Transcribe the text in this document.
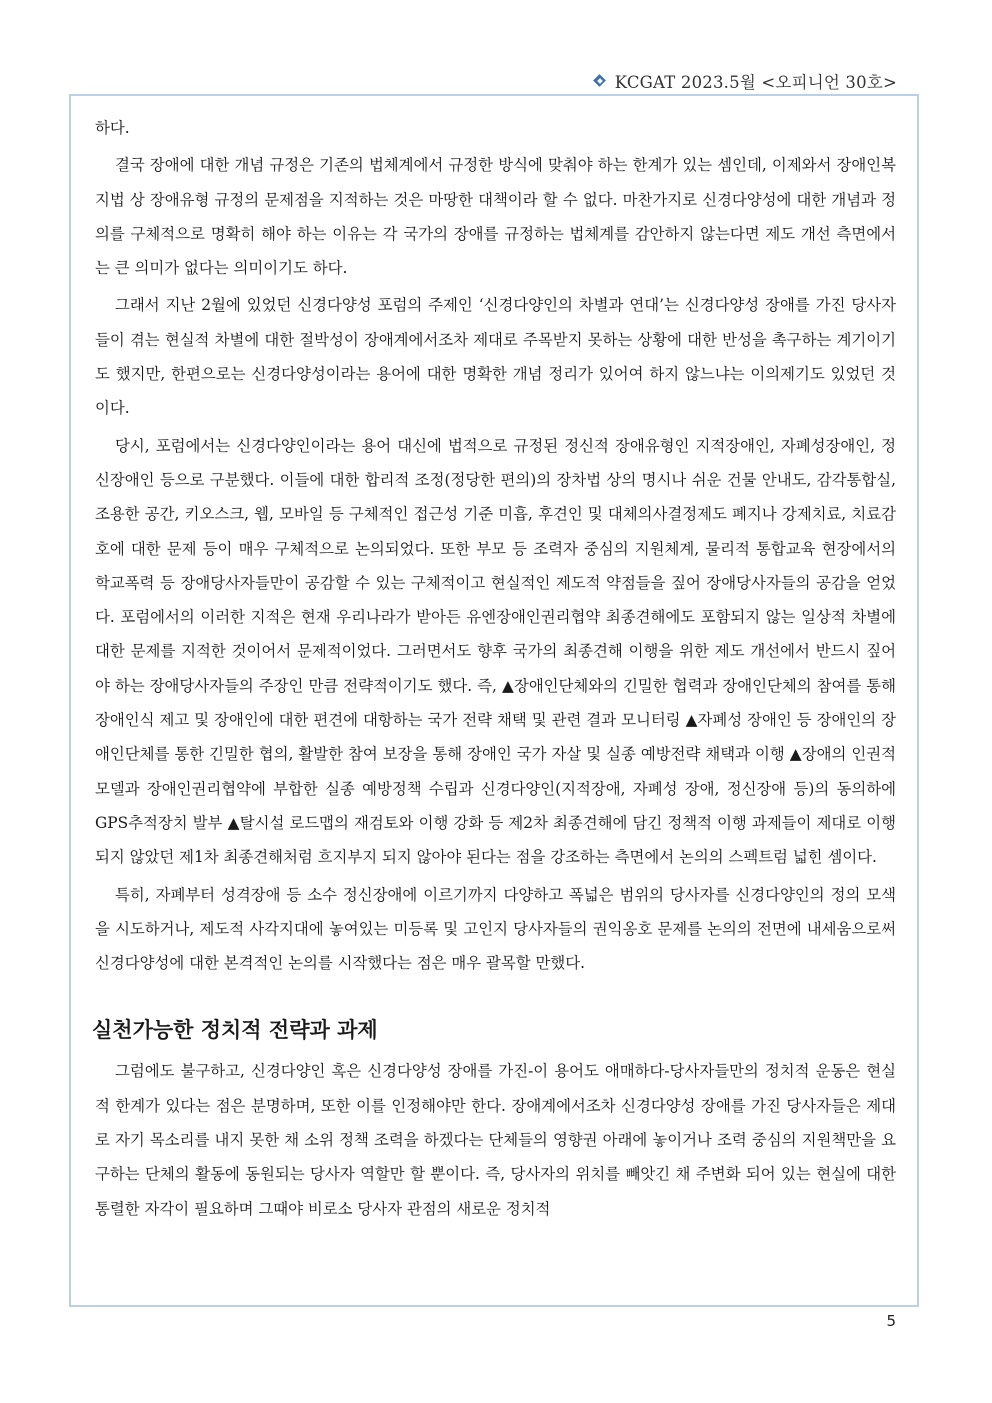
KCGAT 2023.5월 <오피니언 30호>

하다.

결국 장애에 대한 개념 규정은 기존의 법체계에서 규정한 방식에 맞춰야 하는 한계가 있는 셈인데, 이제와서 장애인복지법 상 장애유형 규정의 문제점을 지적하는 것은 마땅한 대책이라 할 수 없다. 마찬가지로 신경다양성에 대한 개념과 정의를 구체적으로 명확히 해야 하는 이유는 각 국가의 장애를 규정하는 법체계를 감안하지 않는다면 제도 개선 측면에서는 큰 의미가 없다는 의미이기도 하다.

그래서 지난 2월에 있었던 신경다양성 포럼의 주제인 ‘신경다양인의 차별과 연대’는 신경다양성 장애를 가진 당사자들이 겪는 현실적 차별에 대한 절박성이 장애계에서조차 제대로 주목받지 못하는 상황에 대한 반성을 촉구하는 계기이기도 했지만, 한편으로는 신경다양성이라는 용어에 대한 명확한 개념 정리가 있어여 하지 않느냐는 이의제기도 있었던 것이다.

당시, 포럼에서는 신경다양인이라는 용어 대신에 법적으로 규정된 정신적 장애유형인 지적장애인, 자폐성장애인, 정신장애인 등으로 구분했다. 이들에 대한 합리적 조정(정당한 편의)의 장차법 상의 명시나 쉬운 건물 안내도, 감각통합실, 조용한 공간, 키오스크, 웹, 모바일 등 구체적인 접근성 기준 미흡, 후견인 및 대체의사결정제도 폐지나 강제치료, 치료감호에 대한 문제 등이 매우 구체적으로 논의되었다. 또한 부모 등 조력자 중심의 지원체계, 물리적 통합교육 현장에서의 학교폭력 등 장애당사자들만이 공감할 수 있는 구체적이고 현실적인 제도적 약점들을 짚어 장애당사자들의 공감을 얻었다. 포럼에서의 이러한 지적은 현재 우리나라가 받아든 유엔장애인권리협약 최종견해에도 포함되지 않는 일상적 차별에 대한 문제를 지적한 것이어서 문제적이었다. 그러면서도 향후 국가의 최종견해 이행을 위한 제도 개선에서 반드시 짚어야 하는 장애당사자들의 주장인 만큼 전략적이기도 했다. 즉, ▲장애인단체와의 긴밀한 협력과 장애인단체의 참여를 통해 장애인식 제고 및 장애인에 대한 편견에 대항하는 국가 전략 채택 및 관련 결과 모니터링 ▲자폐성 장애인 등 장애인의 장애인단체를 통한 긴밀한 협의, 활발한 참여 보장을 통해 장애인 국가 자살 및 실종 예방전략 채택과 이행 ▲장애의 인권적 모델과 장애인권리협약에 부합한 실종 예방정책 수립과 신경다양인(지적장애, 자폐성 장애, 정신장애 등)의 동의하에 GPS추적장치 발부 ▲탈시설 로드맵의 재검토와 이행 강화 등 제2차 최종견해에 담긴 정책적 이행 과제들이 제대로 이행되지 않았던 제1차 최종견해처럼 흐지부지 되지 않아야 된다는 점을 강조하는 측면에서 논의의 스펙트럼 넓힌 셈이다.

특히, 자폐부터 성격장애 등 소수 정신장애에 이르기까지 다양하고 폭넓은 범위의 당사자를 신경다양인의 정의 모색을 시도하거나, 제도적 사각지대에 놓여있는 미등록 및 고인지 당사자들의 권익옹호 문제를 논의의 전면에 내세움으로써 신경다양성에 대한 본격적인 논의를 시작했다는 점은 매우 괄목할 만했다.

실천가능한 정치적 전략과 과제

그럼에도 불구하고, 신경다양인 혹은 신경다양성 장애를 가진-이 용어도 애매하다-당사자들만의 정치적 운동은 현실적 한계가 있다는 점은 분명하며, 또한 이를 인정해야만 한다. 장애계에서조차 신경다양성 장애를 가진 당사자들은 제대로 자기 목소리를 내지 못한 채 소위 정책 조력을 하겠다는 단체들의 영향권 아래에 놓이거나 조력 중심의 지원책만을 요구하는 단체의 활동에 동원되는 당사자 역할만 할 뿐이다. 즉, 당사자의 위치를 빼앗긴 채 주변화 되어 있는 현실에 대한 통렬한 자각이 필요하며 그때야 비로소 당사자 관점의 새로운 정치적

5
